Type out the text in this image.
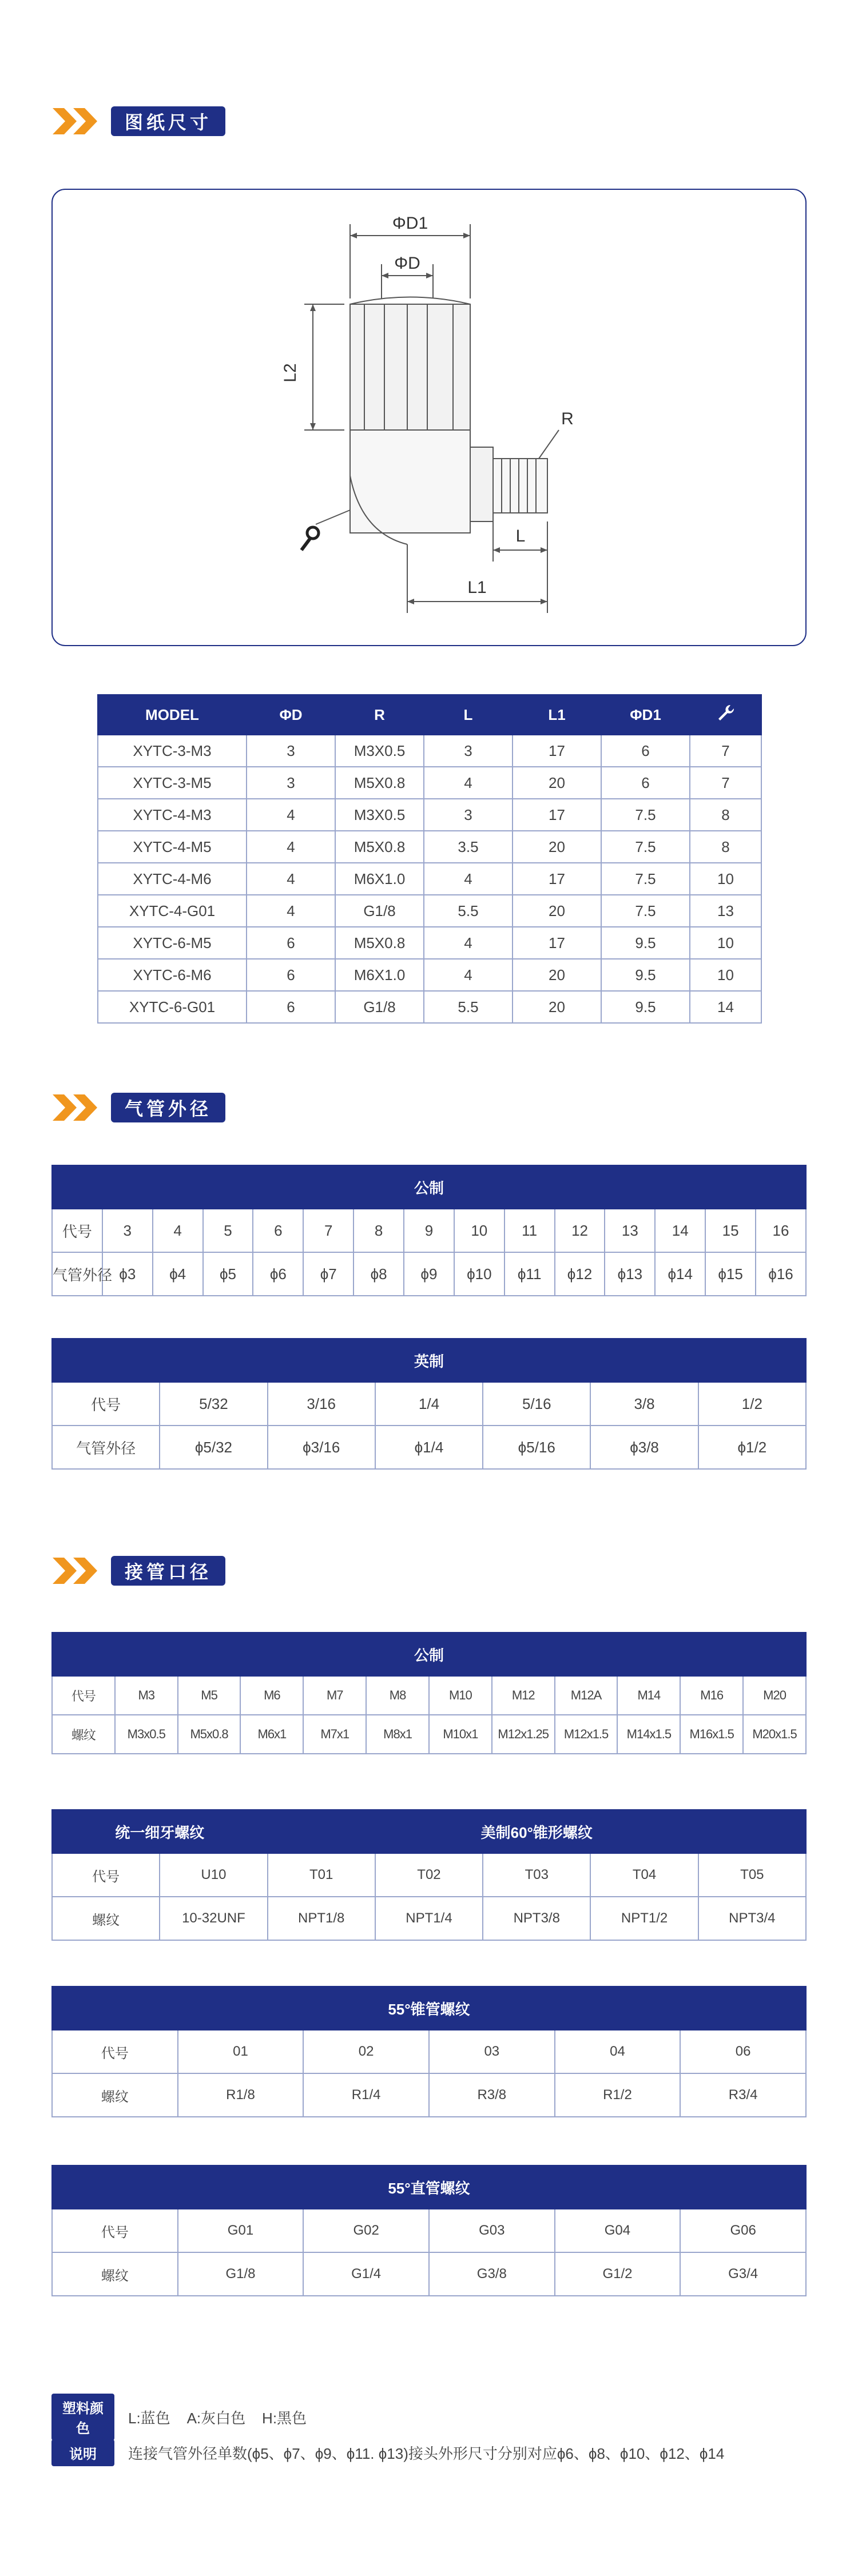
图纸尺寸
ΦD1
ΦD
L2
R
L
L1
MODEL	ΦD	R	L	L1	ΦD1	
XYTC-3-M3	3	M3X0.5	3	17	6	7
XYTC-3-M5	3	M5X0.8	4	20	6	7
XYTC-4-M3	4	M3X0.5	3	17	7.5	8
XYTC-4-M5	4	M5X0.8	3.5	20	7.5	8
XYTC-4-M6	4	M6X1.0	4	17	7.5	10
XYTC-4-G01	4	G1/8	5.5	20	7.5	13
XYTC-6-M5	6	M5X0.8	4	17	9.5	10
XYTC-6-M6	6	M6X1.0	4	20	9.5	10
XYTC-6-G01	6	G1/8	5.5	20	9.5	14
气管外径
公制														
代号	3	4	5	6	7	8	9	10	11	12	13	14	15	16
气管外径	ϕ3	ϕ4	ϕ5	ϕ6	ϕ7	ϕ8	ϕ9	ϕ10	ϕ11	ϕ12	ϕ13	ϕ14	ϕ15	ϕ16
英制						
代号	5/32	3/16	1/4	5/16	3/8	1/2
气管外径	ϕ5/32	ϕ3/16	ϕ1/4	ϕ5/16	ϕ3/8	ϕ1/2
接管口径
公制											
代号	M3	M5	M6	M7	M8	M10	M12	M12A	M14	M16	M20
螺纹	M3x0.5	M5x0.8	M6x1	M7x1	M8x1	M10x1	M12x1.25	M12x1.5	M14x1.5	M16x1.5	M20x1.5
统一细牙螺纹		美制60°锥形螺纹				
代号	U10	T01	T02	T03	T04	T05
螺纹	10-32UNF	NPT1/8	NPT1/4	NPT3/8	NPT1/2	NPT3/4
55°锥管螺纹					
代号	01	02	03	04	06
螺纹	R1/8	R1/4	R3/8	R1/2	R3/4
55°直管螺纹					
代号	G01	G02	G03	G04	G06
螺纹	G1/8	G1/4	G3/8	G1/2	G3/4
塑料颜色
L:蓝色    A:灰白色    H:黑色
说明	连接气管外径单数(ϕ5、ϕ7、ϕ9、ϕ11. ϕ13)接头外形尺寸分别对应ϕ6、ϕ8、ϕ10、ϕ12、ϕ14
